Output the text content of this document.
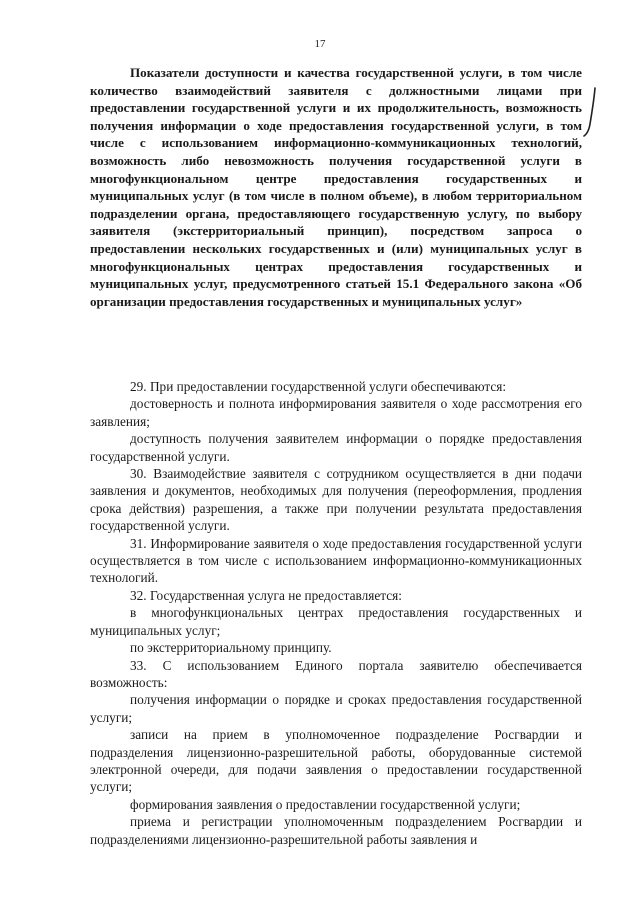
17

Показатели доступности и качества государственной услуги, в том числе количество взаимодействий заявителя с должностными лицами при предоставлении государственной услуги и их продолжительность, возможность получения информации о ходе предоставления государственной услуги, в том числе с использованием информационно-коммуникационных технологий, возможность либо невозможность получения государственной услуги в многофункциональном центре предоставления государственных и муниципальных услуг (в том числе в полном объеме), в любом территориальном подразделении органа, предоставляющего государственную услугу, по выбору заявителя (экстерриториальный принцип), посредством запроса о предоставлении нескольких государственных и (или) муниципальных услуг в многофункциональных центрах предоставления государственных и муниципальных услуг, предусмотренного статьей 15.1 Федерального закона «Об организации предоставления государственных и муниципальных услуг»

29. При предоставлении государственной услуги обеспечиваются:

достоверность и полнота информирования заявителя о ходе рассмотрения его заявления;

доступность получения заявителем информации о порядке предоставления государственной услуги.

30. Взаимодействие заявителя с сотрудником осуществляется в дни подачи заявления и документов, необходимых для получения (переоформления, продления срока действия) разрешения, а также при получении результата предоставления государственной услуги.

31. Информирование заявителя о ходе предоставления государственной услуги осуществляется в том числе с использованием информационно-коммуникационных технологий.

32. Государственная услуга не предоставляется:

в многофункциональных центрах предоставления государственных и муниципальных услуг;

по экстерриториальному принципу.

33. С использованием Единого портала заявителю обеспечивается возможность:

получения информации о порядке и сроках предоставления государственной услуги;

записи на прием в уполномоченное подразделение Росгвардии и подразделения лицензионно-разрешительной работы, оборудованные системой электронной очереди, для подачи заявления о предоставлении государственной услуги;

формирования заявления о предоставлении государственной услуги;

приема и регистрации уполномоченным подразделением Росгвардии и подразделениями лицензионно-разрешительной работы заявления и
